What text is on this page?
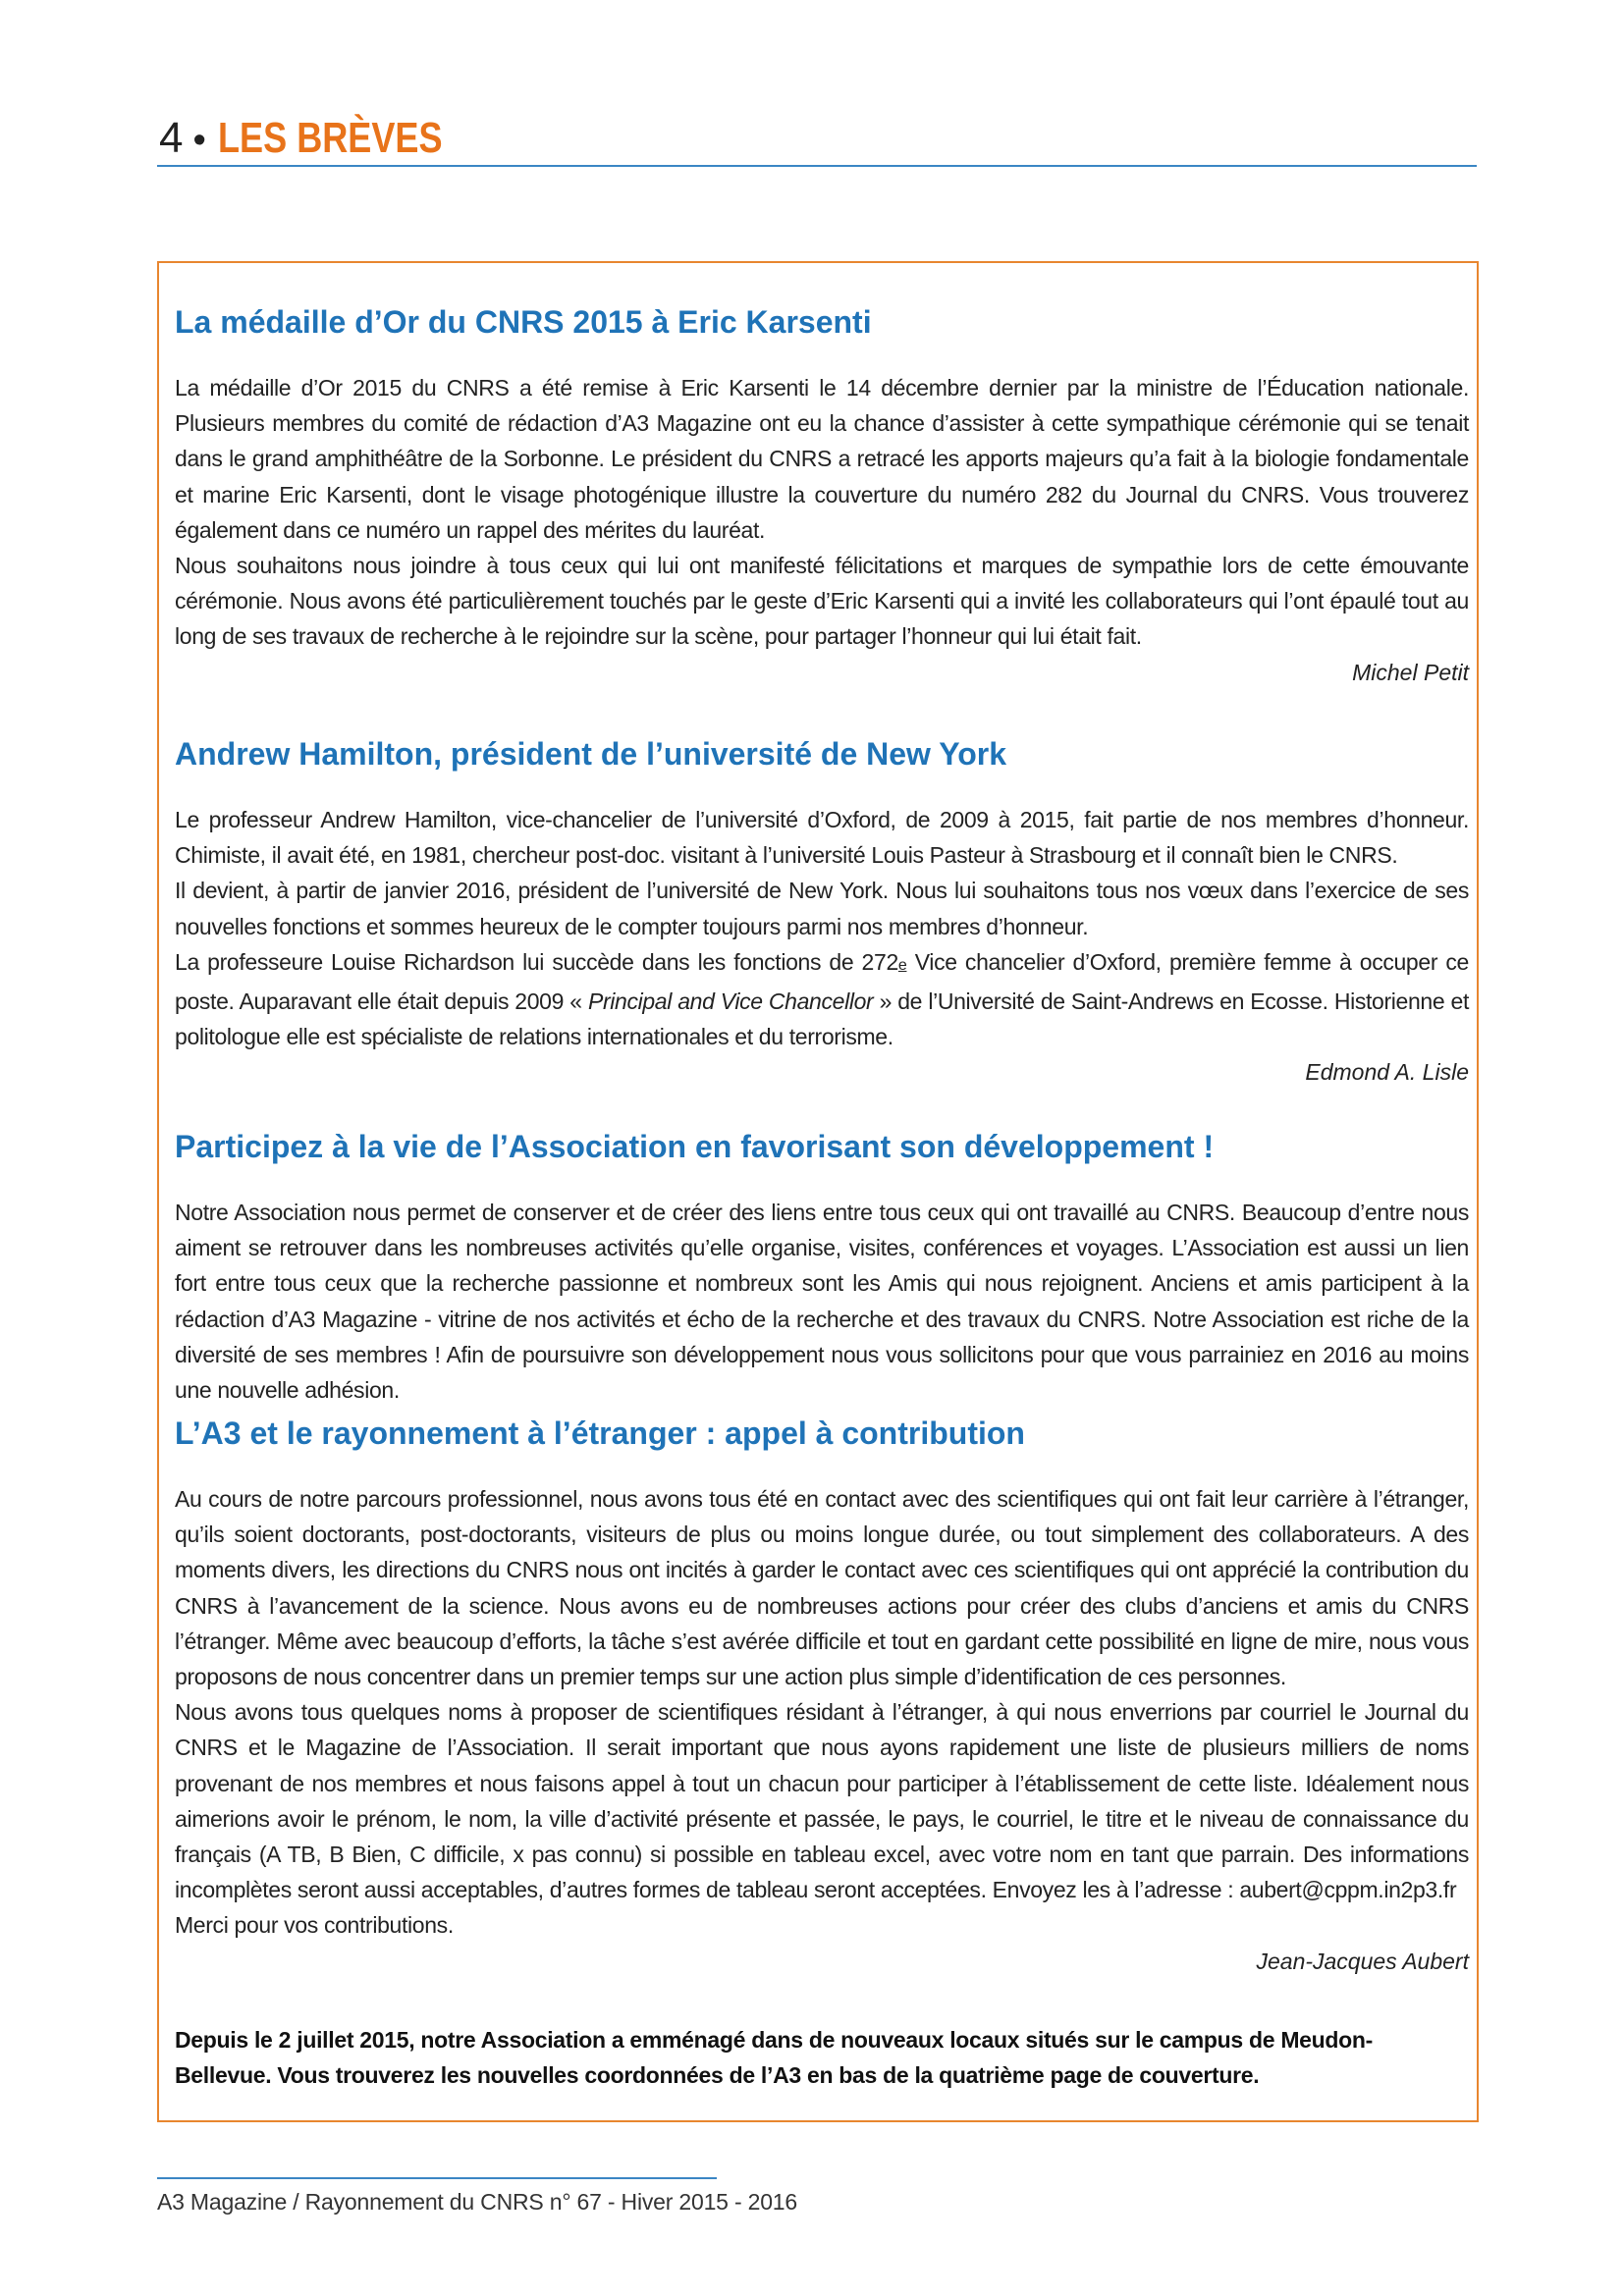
4 • LES BRÈVES
La médaille d’Or du CNRS 2015 à Eric Karsenti

La médaille d’Or 2015 du CNRS a été remise à Eric Karsenti le 14 décembre dernier par la ministre de l’Éducation nationale. Plusieurs membres du comité de rédaction d’A3 Magazine ont eu la chance d’assister à cette sympathique cérémonie qui se tenait dans le grand amphithéâtre de la Sorbonne. Le président du CNRS a retracé les apports majeurs qu’a fait à la biologie fondamentale et marine Eric Karsenti, dont le visage photogénique illustre la couverture du numéro 282 du Journal du CNRS. Vous trouverez également dans ce numéro un rappel des mérites du lauréat.

Nous souhaitons nous joindre à tous ceux qui lui ont manifesté félicitations et marques de sympathie lors de cette émouvante cérémonie. Nous avons été particulièrement touchés par le geste d’Eric Karsenti qui a invité les collaborateurs qui l’ont épaulé tout au long de ses travaux de recherche à le rejoindre sur la scène, pour partager l’honneur qui lui était fait.

Michel Petit
Andrew Hamilton, président de l’université de New York

Le professeur Andrew Hamilton, vice-chancelier de l’université d’Oxford, de 2009 à 2015, fait partie de nos membres d’honneur. Chimiste, il avait été, en 1981, chercheur post-doc. visitant à l’université Louis Pasteur à Strasbourg et il connaît bien le CNRS.

Il devient, à partir de janvier 2016, président de l’université de New York. Nous lui souhaitons tous nos vœux dans l’exercice de ses nouvelles fonctions et sommes heureux de le compter toujours parmi nos membres d’honneur.

La professeure Louise Richardson lui succède dans les fonctions de 272e Vice chancelier d’Oxford, première femme à occuper ce poste. Auparavant elle était depuis 2009 « Principal and Vice Chancellor » de l’Université de Saint-Andrews en Ecosse. Historienne et politologue elle est spécialiste de relations internationales et du terrorisme.

Edmond A. Lisle
Participez à la vie de l’Association en favorisant son développement !

Notre Association nous permet de conserver et de créer des liens entre tous ceux qui ont travaillé au CNRS. Beaucoup d’entre nous aiment se retrouver dans les nombreuses activités qu’elle organise, visites, conférences et voyages. L’Association est aussi un lien fort entre tous ceux que la recherche passionne et nombreux sont les Amis qui nous rejoignent. Anciens et amis participent à la rédaction d’A3 Magazine - vitrine de nos activités et écho de la recherche et des travaux du CNRS. Notre Association est riche de la diversité de ses membres ! Afin de poursuivre son développement nous vous sollicitons pour que vous parrainiez en 2016 au moins une nouvelle adhésion.

L’A3 et le rayonnement à l’étranger : appel à contribution

Au cours de notre parcours professionnel, nous avons tous été en contact avec des scientifiques qui ont fait leur carrière à l’étranger, qu’ils soient doctorants, post-doctorants, visiteurs de plus ou moins longue durée, ou tout simplement des collaborateurs. A des moments divers, les directions du CNRS nous ont incités à garder le contact avec ces scientifiques qui ont apprécié la contribution du CNRS à l’avancement de la science. Nous avons eu de nombreuses actions pour créer des clubs d’anciens et amis du CNRS l’étranger. Même avec beaucoup d’efforts, la tâche s’est avérée difficile et tout en gardant cette possibilité en ligne de mire, nous vous proposons de nous concentrer dans un premier temps sur une action plus simple d’identification de ces personnes.

Nous avons tous quelques noms à proposer de scientifiques résidant à l’étranger, à qui nous enverrions par courriel le Journal du CNRS et le Magazine de l’Association. Il serait important que nous ayons rapidement une liste de plusieurs milliers de noms provenant de nos membres et nous faisons appel à tout un chacun pour participer à l’établissement de cette liste. Idéalement nous aimerions avoir le prénom, le nom, la ville d’activité présente et passée, le pays, le courriel, le titre et le niveau de connaissance du français (A TB, B Bien, C difficile, x pas connu) si possible en tableau excel, avec votre nom en tant que parrain. Des informations incomplètes seront aussi acceptables, d’autres formes de tableau seront acceptées. Envoyez les à l’adresse : aubert@cppm.in2p3.fr

Merci pour vos contributions.

Jean-Jacques Aubert

Depuis le 2 juillet 2015, notre Association a emménagé dans de nouveaux locaux situés sur le campus de Meudon-Bellevue. Vous trouverez les nouvelles coordonnées de l’A3 en bas de la quatrième page de couverture.

A3 Magazine / Rayonnement du CNRS n° 67 - Hiver 2015 - 2016
